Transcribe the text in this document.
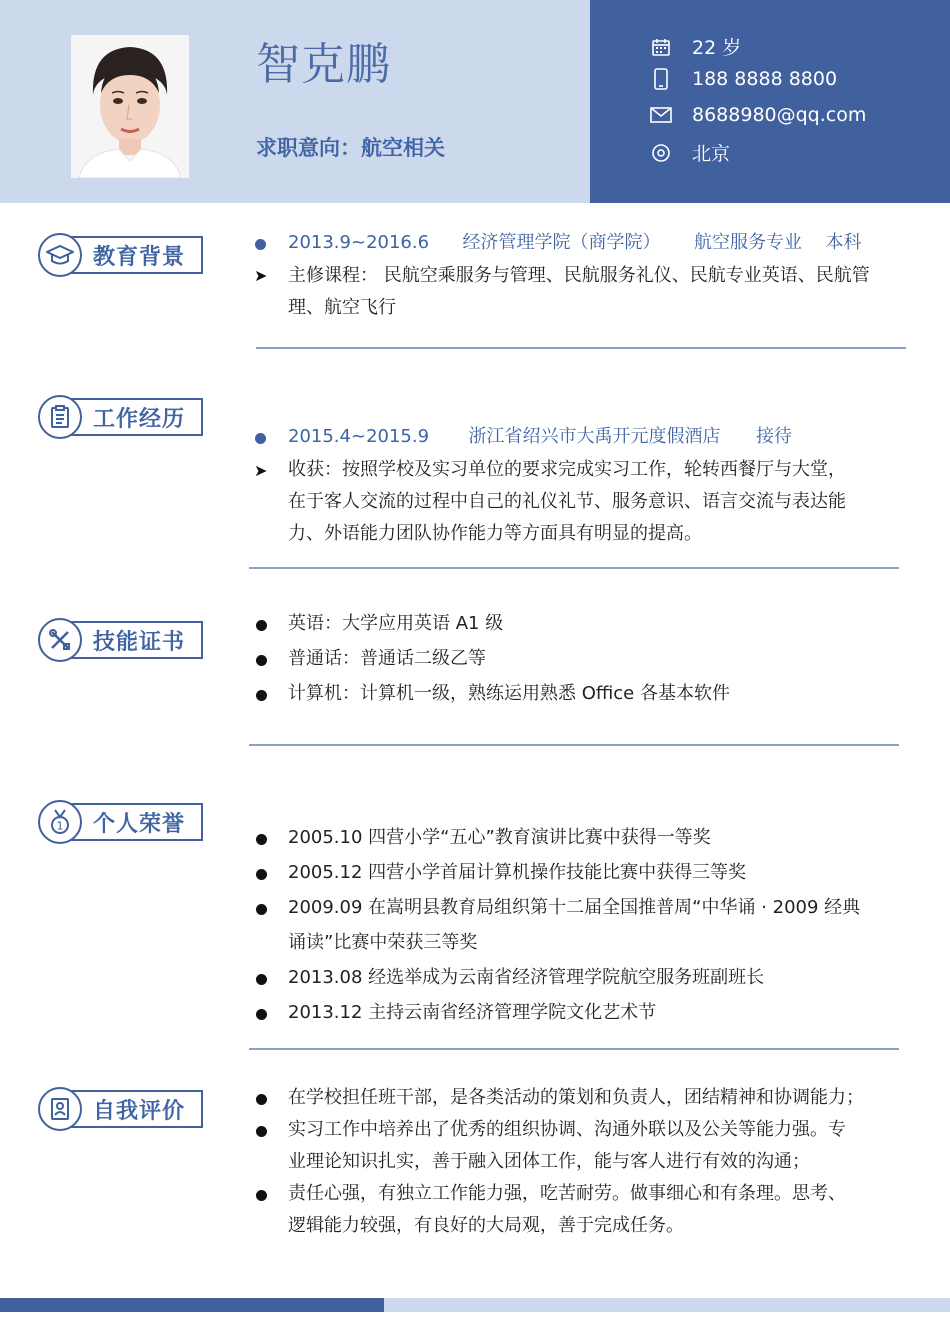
智克鹏
求职意向：航空相关
22 岁
188 8888 8800
8688980@qq.com
北京
教育背景
2013.9~2016.6 经济管理学院（商学院） 航空服务专业 本科
➤ 主修课程： 民航空乘服务与管理、民航服务礼仪、民航专业英语、民航管
理、航空飞行
工作经历
2015.4~2015.9 浙江省绍兴市大禹开元度假酒店 接待
➤ 收获：按照学校及实习单位的要求完成实习工作，轮转西餐厅与大堂，
在于客人交流的过程中自己的礼仪礼节、服务意识、语言交流与表达能
力、外语能力团队协作能力等方面具有明显的提高。
技能证书
英语：大学应用英语 A1 级
普通话：普通话二级乙等
计算机：计算机一级，熟练运用熟悉 Office 各基本软件
1 个人荣誉
2005.10 四营小学“五心”教育演讲比赛中获得一等奖
2005.12 四营小学首届计算机操作技能比赛中获得三等奖
2009.09 在嵩明县教育局组织第十二届全国推普周“中华诵 · 2009 经典
诵读”比赛中荣获三等奖
2013.08 经选举成为云南省经济管理学院航空服务班副班长
2013.12 主持云南省经济管理学院文化艺术节
自我评价
在学校担任班干部，是各类活动的策划和负责人，团结精神和协调能力；
实习工作中培养出了优秀的组织协调、沟通外联以及公关等能力强。专
业理论知识扎实，善于融入团体工作，能与客人进行有效的沟通；
责任心强，有独立工作能力强，吃苦耐劳。做事细心和有条理。思考、
逻辑能力较强，有良好的大局观，善于完成任务。
